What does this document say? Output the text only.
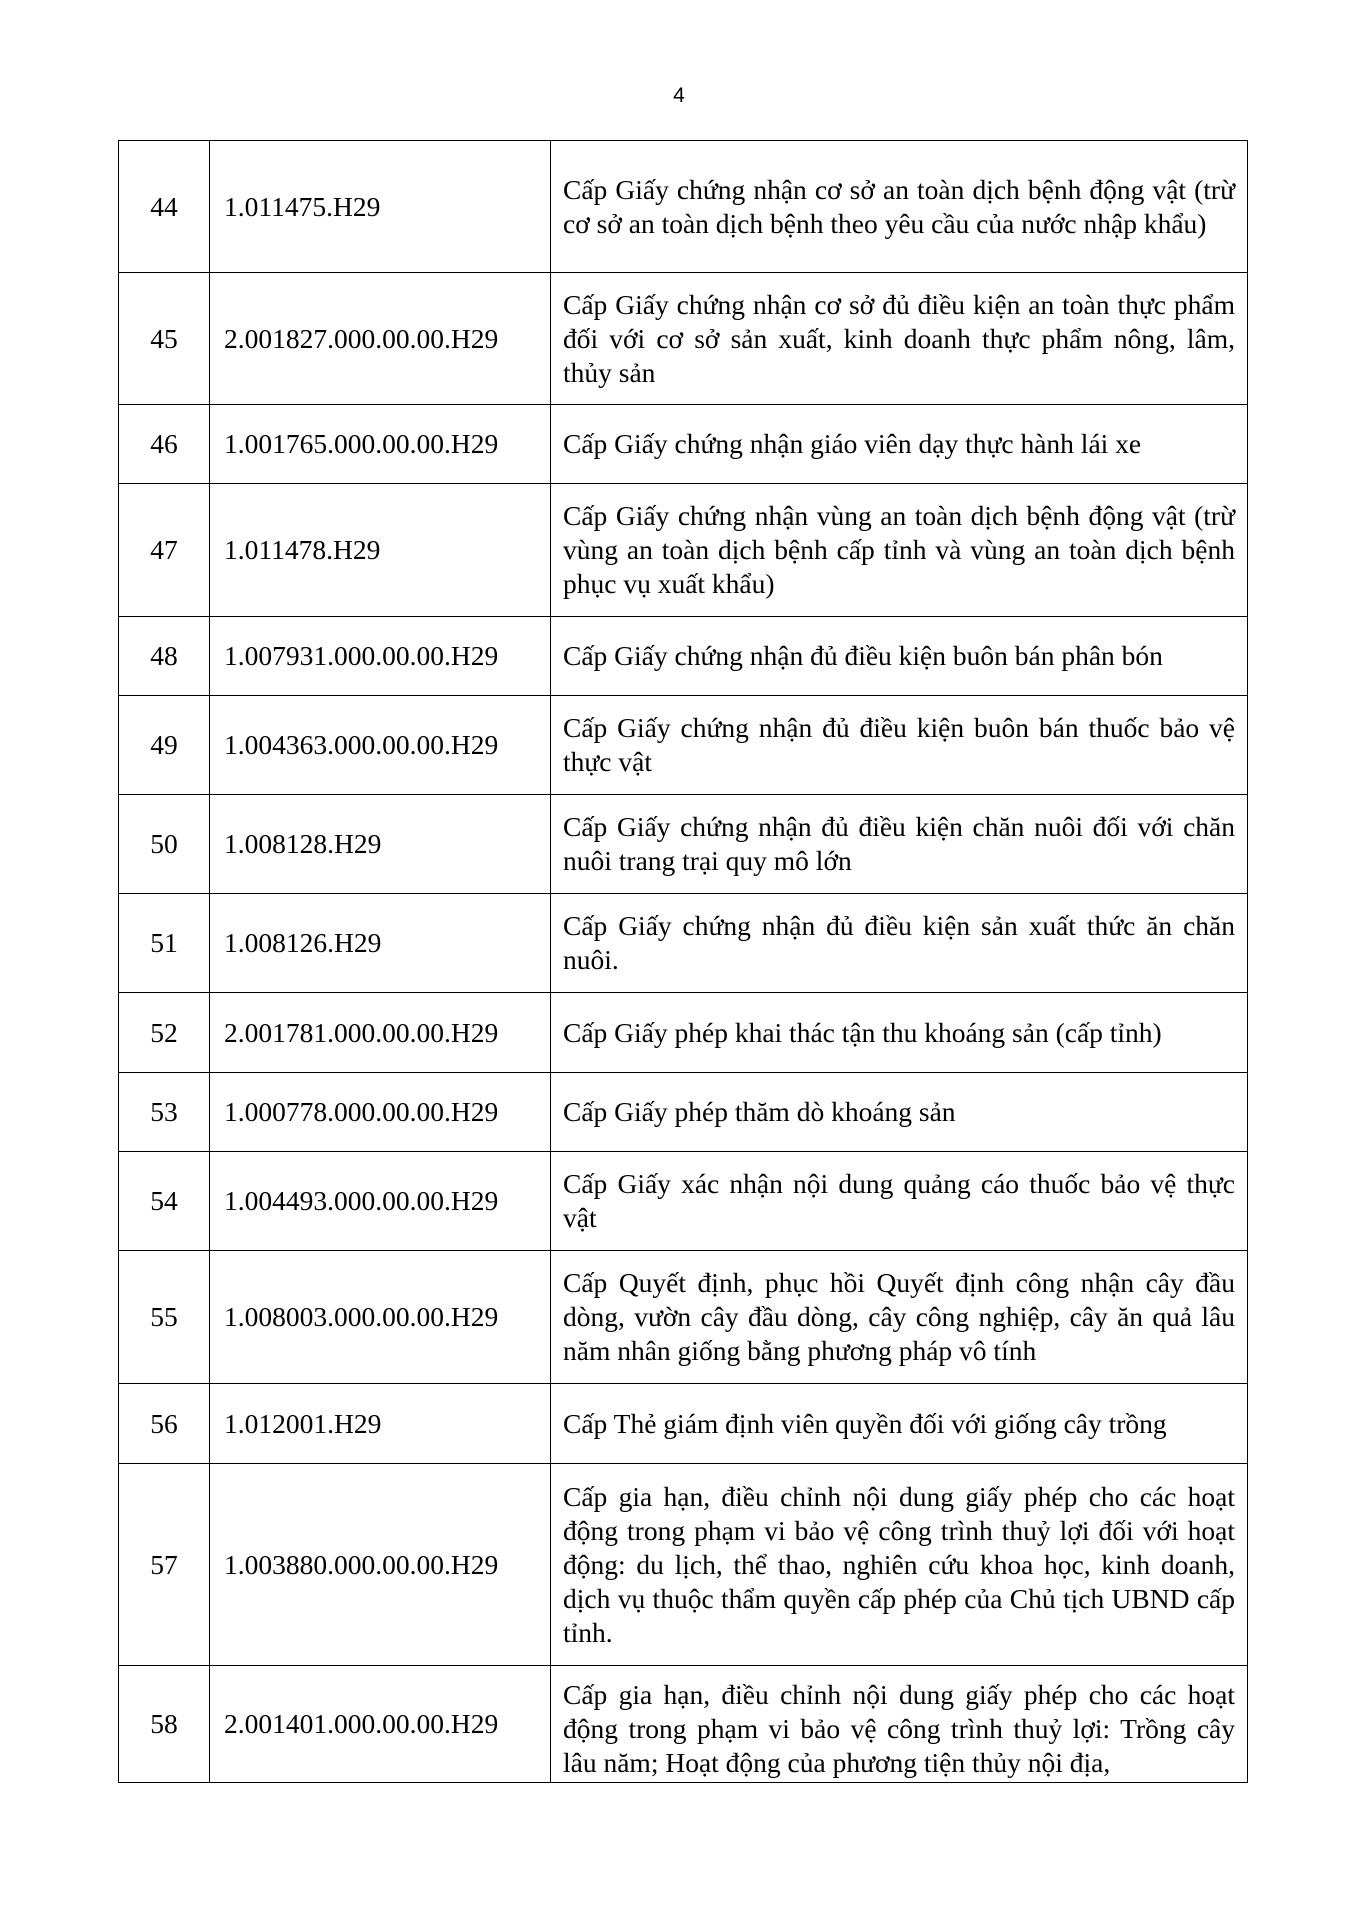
4
44	1.011475.H29	Cấp Giấy chứng nhận cơ sở an toàn dịch bệnh động vật (trừ cơ sở an toàn dịch bệnh theo yêu cầu của nước nhập khẩu)
45	2.001827.000.00.00.H29	Cấp Giấy chứng nhận cơ sở đủ điều kiện an toàn thực phẩm đối với cơ sở sản xuất, kinh doanh thực phẩm nông, lâm, thủy sản
46	1.001765.000.00.00.H29	Cấp Giấy chứng nhận giáo viên dạy thực hành lái xe
47	1.011478.H29	Cấp Giấy chứng nhận vùng an toàn dịch bệnh động vật (trừ vùng an toàn dịch bệnh cấp tỉnh và vùng an toàn dịch bệnh phục vụ xuất khẩu)
48	1.007931.000.00.00.H29	Cấp Giấy chứng nhận đủ điều kiện buôn bán phân bón
49	1.004363.000.00.00.H29	Cấp Giấy chứng nhận đủ điều kiện buôn bán thuốc bảo vệ thực vật
50	1.008128.H29	Cấp Giấy chứng nhận đủ điều kiện chăn nuôi đối với chăn nuôi trang trại quy mô lớn
51	1.008126.H29	Cấp Giấy chứng nhận đủ điều kiện sản xuất thức ăn chăn nuôi.
52	2.001781.000.00.00.H29	Cấp Giấy phép khai thác tận thu khoáng sản (cấp tỉnh)
53	1.000778.000.00.00.H29	Cấp Giấy phép thăm dò khoáng sản
54	1.004493.000.00.00.H29	Cấp Giấy xác nhận nội dung quảng cáo thuốc bảo vệ thực vật
55	1.008003.000.00.00.H29	Cấp Quyết định, phục hồi Quyết định công nhận cây đầu dòng, vườn cây đầu dòng, cây công nghiệp, cây ăn quả lâu năm nhân giống bằng phương pháp vô tính
56	1.012001.H29	Cấp Thẻ giám định viên quyền đối với giống cây trồng
57	1.003880.000.00.00.H29	Cấp gia hạn, điều chỉnh nội dung giấy phép cho các hoạt động trong phạm vi bảo vệ công trình thuỷ lợi đối với hoạt động: du lịch, thể thao, nghiên cứu khoa học, kinh doanh, dịch vụ thuộc thẩm quyền cấp phép của Chủ tịch UBND cấp tỉnh.
58	2.001401.000.00.00.H29	Cấp gia hạn, điều chỉnh nội dung giấy phép cho các hoạt động trong phạm vi bảo vệ công trình thuỷ lợi: Trồng cây lâu năm; Hoạt động của phương tiện thủy nội địa,
